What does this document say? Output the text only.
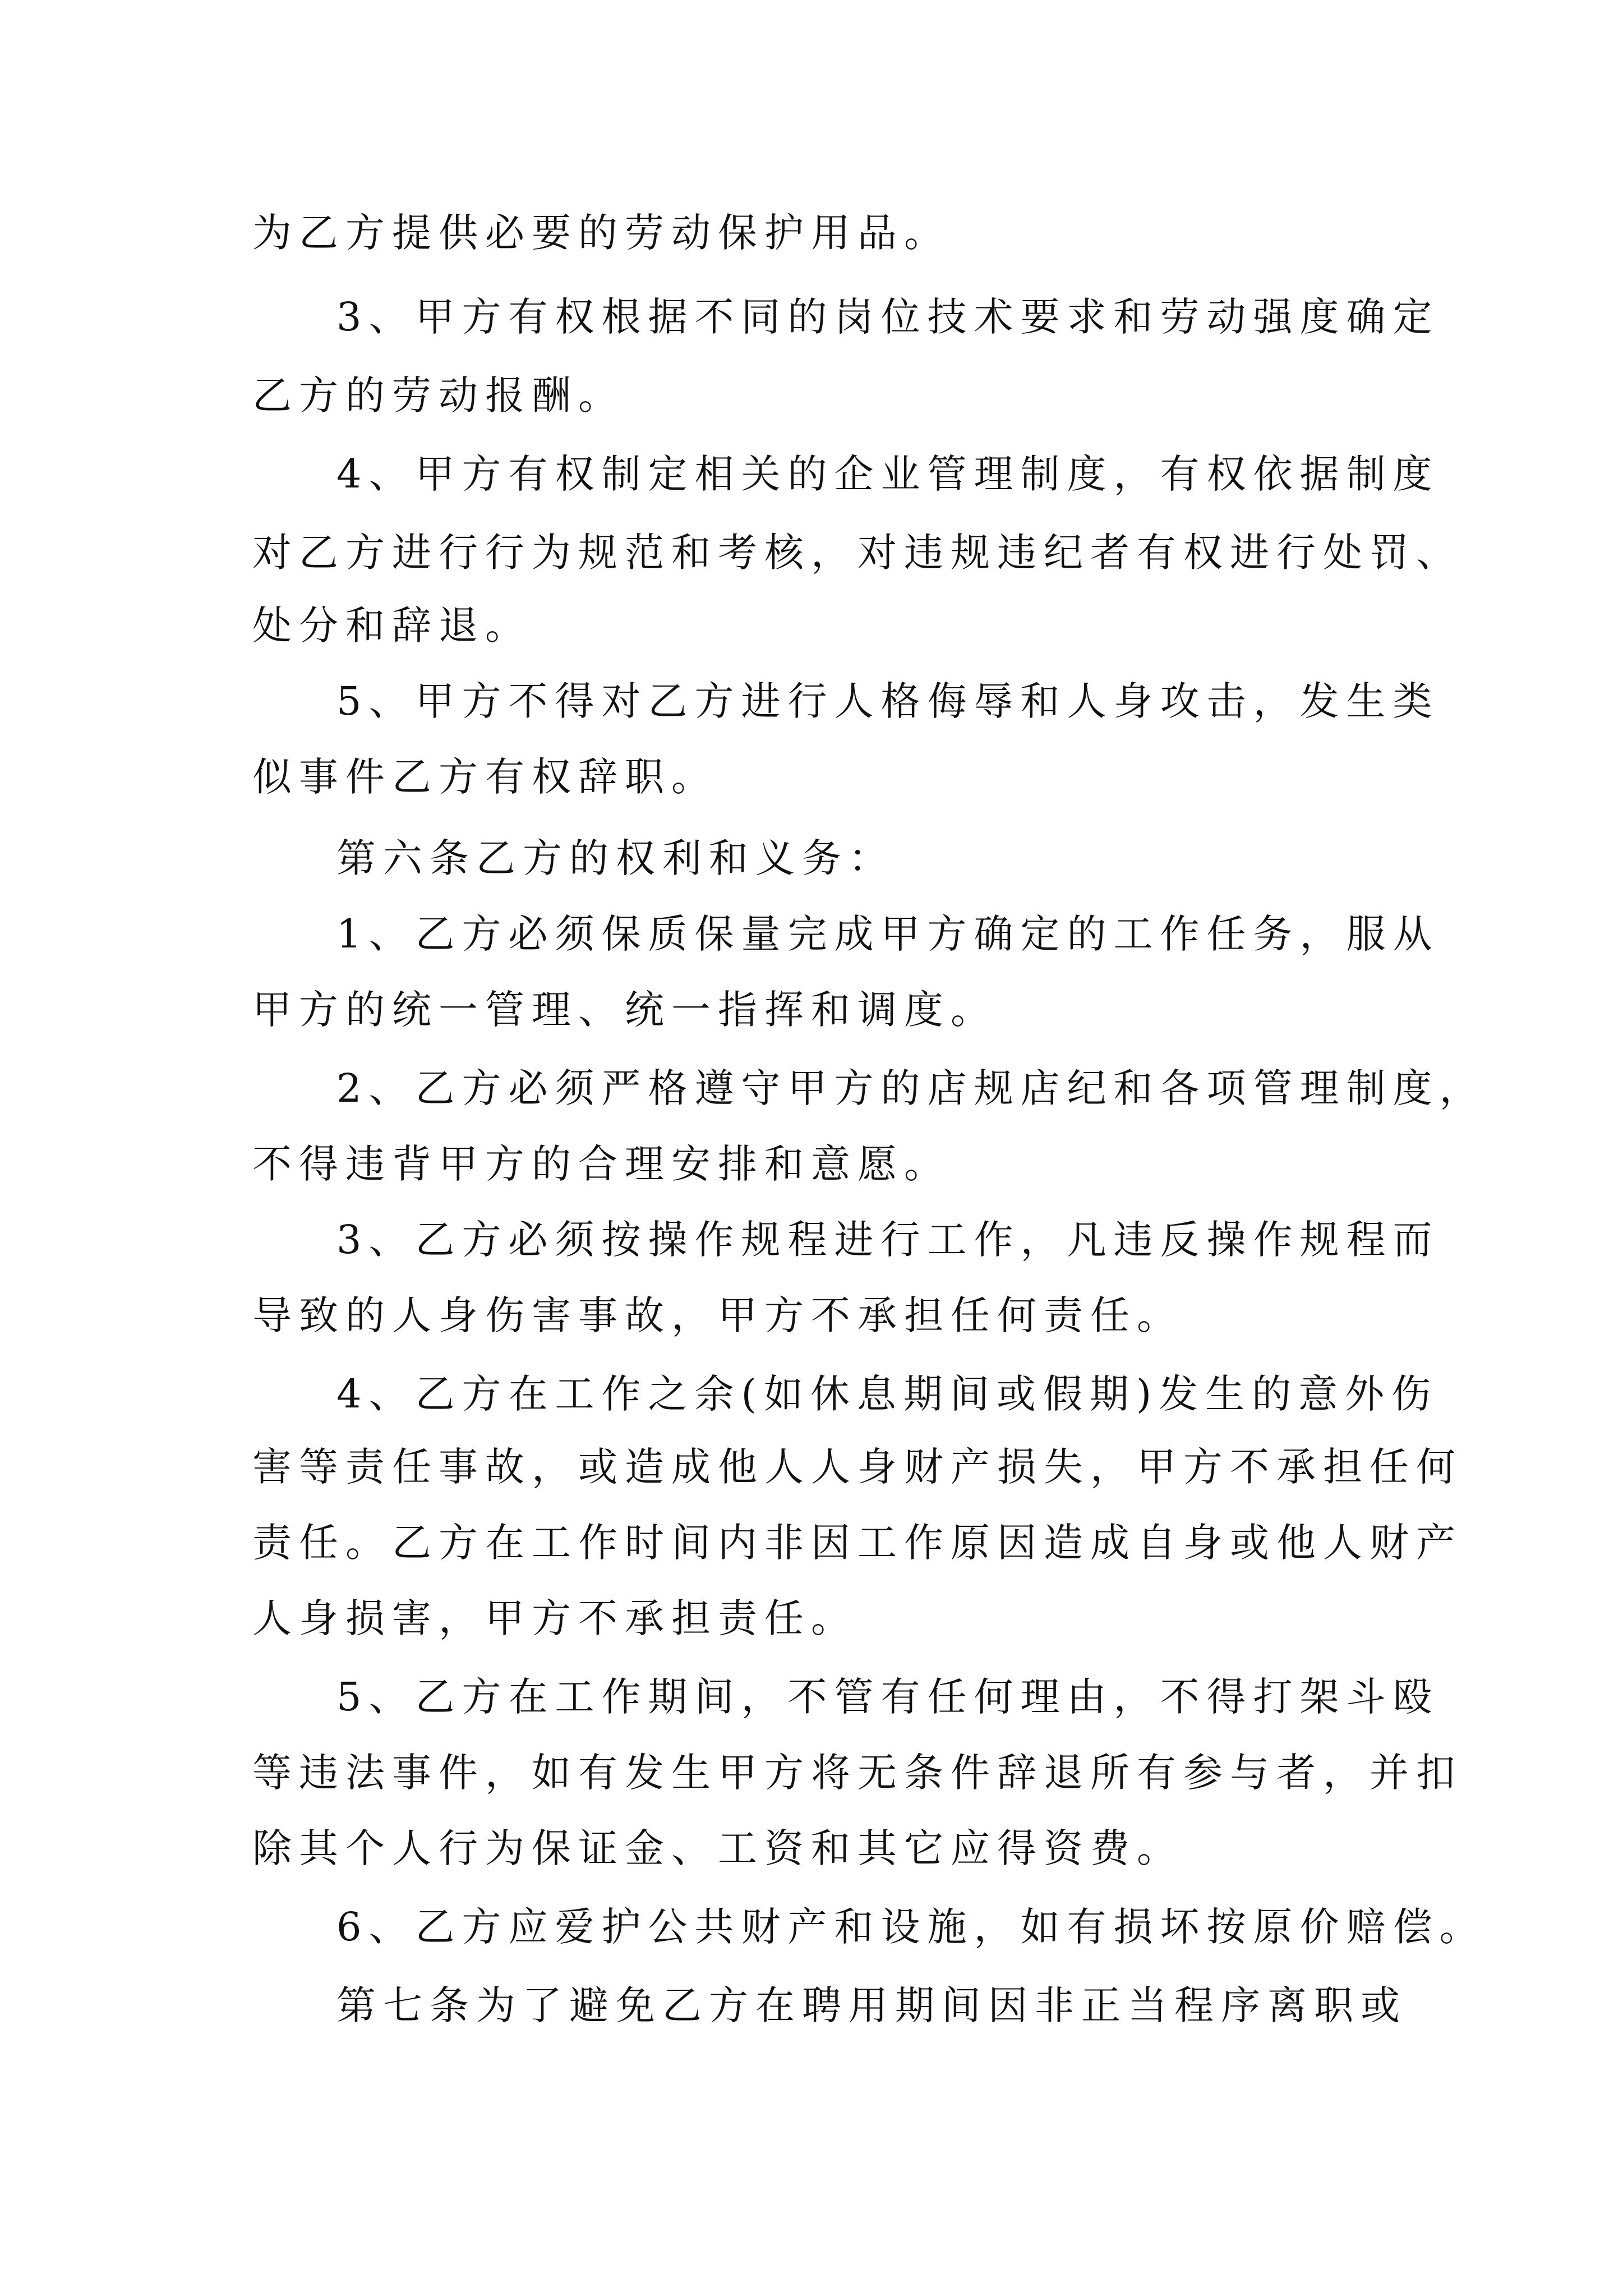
为乙方提供必要的劳动保护用品。
3、甲方有权根据不同的岗位技术要求和劳动强度确定
乙方的劳动报酬。
4、甲方有权制定相关的企业管理制度，有权依据制度
对乙方进行行为规范和考核，对违规违纪者有权进行处罚、
处分和辞退。
5、甲方不得对乙方进行人格侮辱和人身攻击，发生类
似事件乙方有权辞职。
第六条乙方的权利和义务：
1、乙方必须保质保量完成甲方确定的工作任务，服从
甲方的统一管理、统一指挥和调度。
2、乙方必须严格遵守甲方的店规店纪和各项管理制度，
不得违背甲方的合理安排和意愿。
3、乙方必须按操作规程进行工作，凡违反操作规程而
导致的人身伤害事故，甲方不承担任何责任。
4、乙方在工作之余(如休息期间或假期)发生的意外伤
害等责任事故，或造成他人人身财产损失，甲方不承担任何
责任。乙方在工作时间内非因工作原因造成自身或他人财产
人身损害，甲方不承担责任。
5、乙方在工作期间，不管有任何理由，不得打架斗殴
等违法事件，如有发生甲方将无条件辞退所有参与者，并扣
除其个人行为保证金、工资和其它应得资费。
6、乙方应爱护公共财产和设施，如有损坏按原价赔偿。
第七条为了避免乙方在聘用期间因非正当程序离职或
